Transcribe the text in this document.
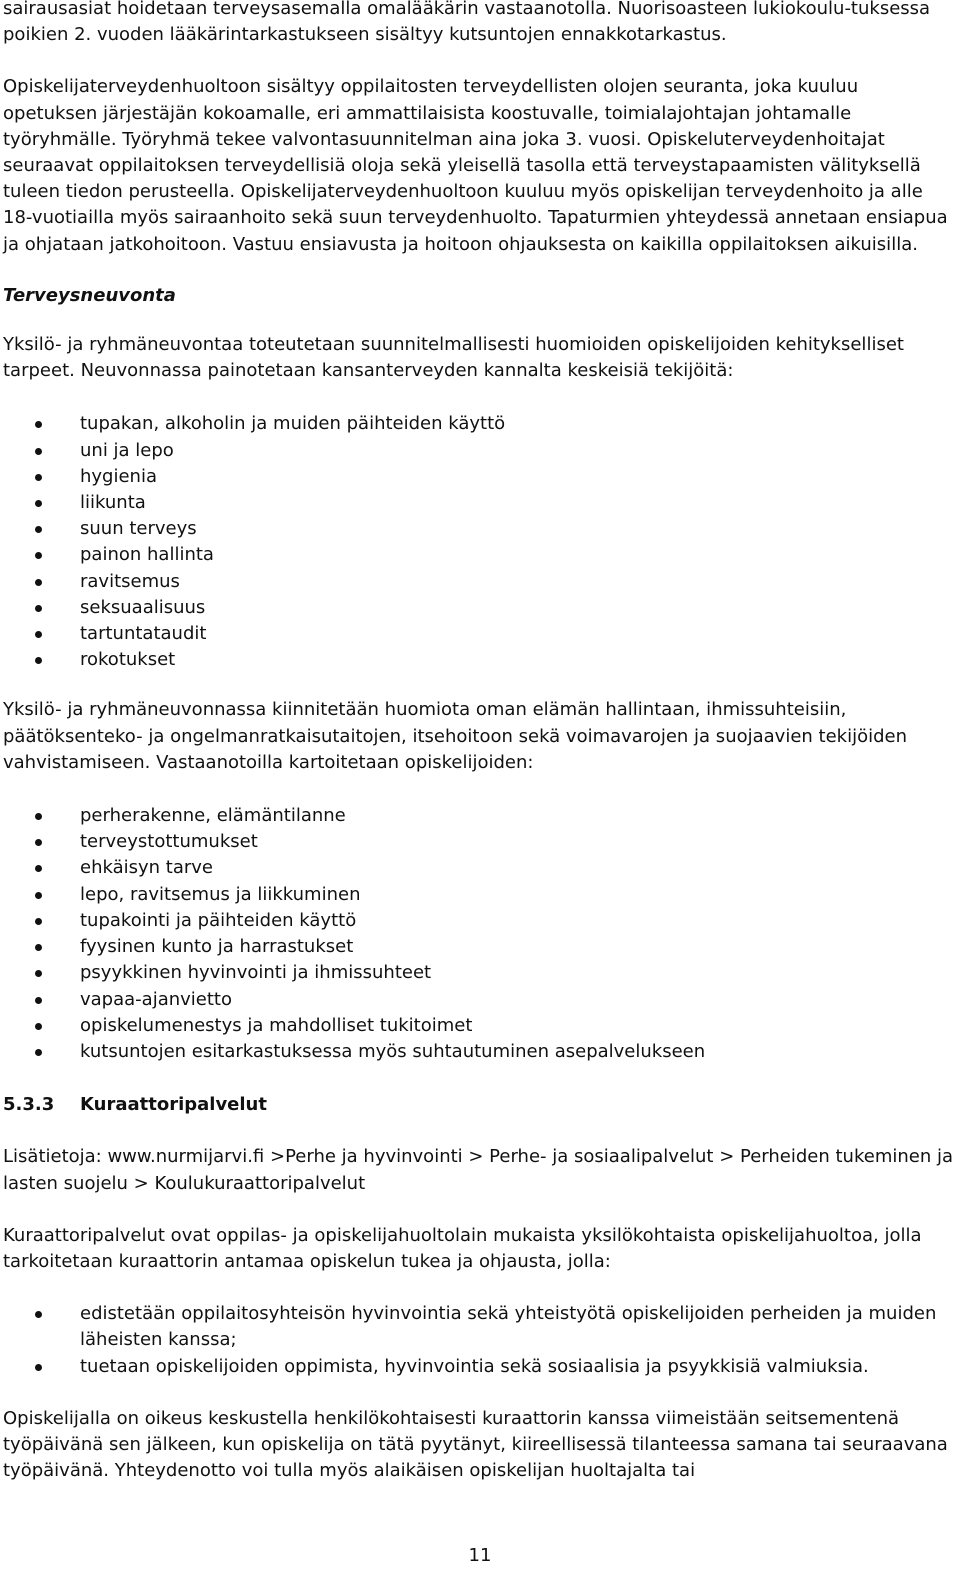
sairausasiat hoidetaan terveysasemalla omalääkärin vastaanotolla. Nuorisoasteen lukiokoulu-tuksessa poikien 2. vuoden lääkärintarkastukseen sisältyy kutsuntojen ennakkotarkastus.

Opiskelijaterveydenhuoltoon sisältyy oppilaitosten terveydellisten olojen seuranta, joka kuuluu opetuksen järjestäjän kokoamalle, eri ammattilaisista koostuvalle, toimialajohtajan johtamalle työryhmälle. Työryhmä tekee valvontasuunnitelman aina joka 3. vuosi. Opiskeluterveydenhoitajat seuraavat oppilaitoksen terveydellisiä oloja sekä yleisellä tasolla että terveystapaamisten välityksellä tuleen tiedon perusteella. Opiskelijaterveydenhuoltoon kuuluu myös opiskelijan terveydenhoito ja alle 18-vuotiailla myös sairaanhoito sekä suun terveydenhuolto. Tapaturmien yhteydessä annetaan ensiapua ja ohjataan jatkohoitoon. Vastuu ensiavusta ja hoitoon ohjauksesta on kaikilla oppilaitoksen aikuisilla.

Terveysneuvonta

Yksilö- ja ryhmäneuvontaa toteutetaan suunnitelmallisesti huomioiden opiskelijoiden kehitykselliset tarpeet. Neuvonnassa painotetaan kansanterveyden kannalta keskeisiä tekijöitä:

tupakan, alkoholin ja muiden päihteiden käyttö
uni ja lepo
hygienia
liikunta
suun terveys
painon hallinta
ravitsemus
seksuaalisuus
tartuntataudit
rokotukset

Yksilö- ja ryhmäneuvonnassa kiinnitetään huomiota oman elämän hallintaan, ihmissuhteisiin, päätöksenteko- ja ongelmanratkaisutaitojen, itsehoitoon sekä voimavarojen ja suojaavien tekijöiden vahvistamiseen. Vastaanotoilla kartoitetaan opiskelijoiden:

perherakenne, elämäntilanne
terveystottumukset
ehkäisyn tarve
lepo, ravitsemus ja liikkuminen
tupakointi ja päihteiden käyttö
fyysinen kunto ja harrastukset
psyykkinen hyvinvointi ja ihmissuhteet
vapaa-ajanvietto
opiskelumenestys ja mahdolliset tukitoimet
kutsuntojen esitarkastuksessa myös suhtautuminen asepalvelukseen
5.3.3	Kuraattoripalvelut

Lisätietoja: www.nurmijarvi.fi >Perhe ja hyvinvointi > Perhe- ja sosiaalipalvelut > Perheiden tukeminen ja lasten suojelu > Koulukuraattoripalvelut

Kuraattoripalvelut ovat oppilas- ja opiskelijahuoltolain mukaista yksilökohtaista opiskelijahuoltoa, jolla tarkoitetaan kuraattorin antamaa opiskelun tukea ja ohjausta, jolla:

edistetään oppilaitosyhteisön hyvinvointia sekä yhteistyötä opiskelijoiden perheiden ja muiden läheisten kanssa;
tuetaan opiskelijoiden oppimista, hyvinvointia sekä sosiaalisia ja psyykkisiä valmiuksia.

Opiskelijalla on oikeus keskustella henkilökohtaisesti kuraattorin kanssa viimeistään seitsementenä työpäivänä sen jälkeen, kun opiskelija on tätä pyytänyt, kiireellisessä tilanteessa samana tai seuraavana työpäivänä. Yhteydenotto voi tulla myös alaikäisen opiskelijan huoltajalta tai

11
